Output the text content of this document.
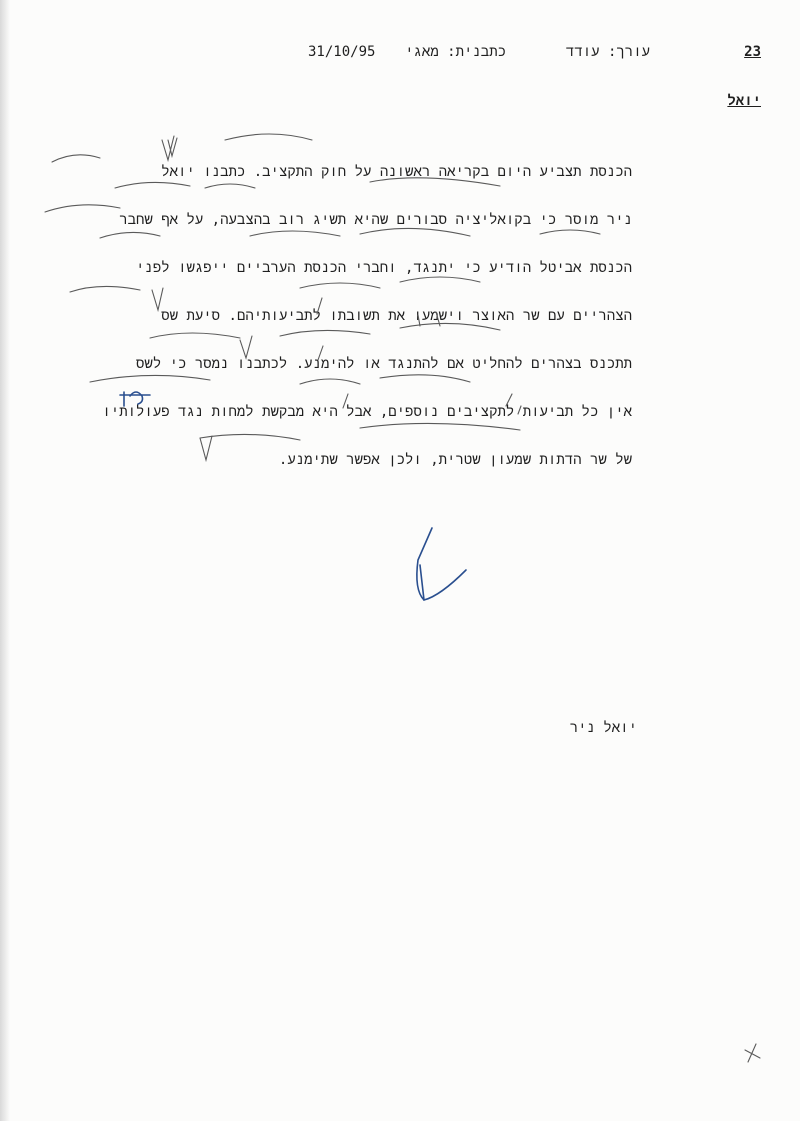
23
עורך: עודד
כתבנית: מאגי
31/10/95
יואל
הכנסת תצביע היום בקריאה ראשונה על חוק התקציב. כתבנו יואל
ניר מוסר כי בקואליציה סבורים שהיא תשיג רוב בהצבעה, על אף שחבר
הכנסת אביטל הודיע כי יתנגד, וחברי הכנסת הערביים ייפגשו לפני
הצהריים עם שר האוצר וישמעו את תשובתו לתביעותיהם. סיעת שס
תתכנס בצהרים להחליט אם להתנגד או להימנע. לכתבנו נמסר כי לשס
אין כל תביעות לתקציבים נוספים, אבל היא מבקשת למחות נגד פעולותיו
של שר הדתות שמעון שטרית, ולכן אפשר שתימנע.
יואל ניר
